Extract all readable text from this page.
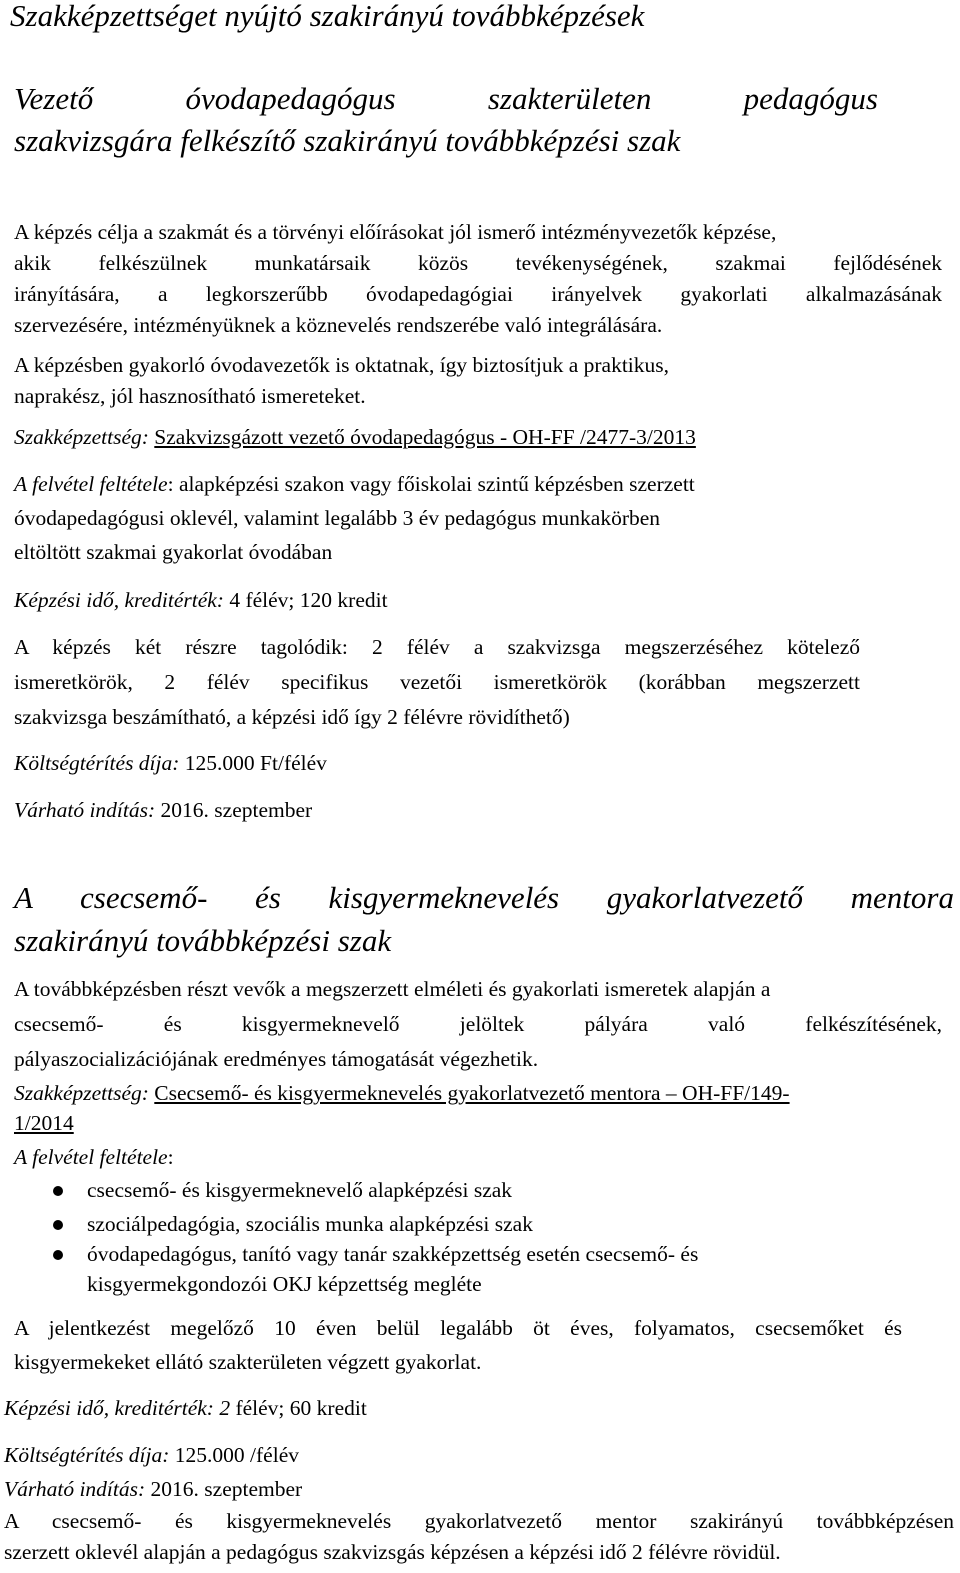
Szakképzettséget nyújtó szakirányú továbbképzések
Vezető	óvodapedagógus	szakterületen	pedagógus
szakvizsgára felkészítő szakirányú továbbképzési szak
A képzés célja a szakmát és a törvényi előírásokat jól ismerő intézményvezetők képzése,
akik felkészülnek munkatársaik közös tevékenységének, szakmai fejlődésének
irányítására, a legkorszerűbb óvodapedagógiai irányelvek gyakorlati alkalmazásának
szervezésére, intézményüknek a köznevelés rendszerébe való integrálására.
A képzésben gyakorló óvodavezetők is oktatnak, így biztosítjuk a praktikus,
naprakész, jól hasznosítható ismereteket.
Szakképzettség: Szakvizsgázott vezető óvodapedagógus - OH-FF /2477-3/2013
A felvétel feltétele: alapképzési szakon vagy főiskolai szintű képzésben szerzett
óvodapedagógusi oklevél, valamint legalább 3 év pedagógus munkakörben
eltöltött szakmai gyakorlat óvodában
Képzési idő, kreditérték: 4 félév; 120 kredit
A képzés két részre tagolódik: 2 félév a szakvizsga megszerzéséhez kötelező
ismeretkörök, 2 félév specifikus vezetői ismeretkörök (korábban megszerzett
szakvizsga beszámítható, a képzési idő így 2 félévre rövidíthető)
Költségtérítés díja: 125.000 Ft/félév
Várható indítás: 2016. szeptember
A csecsemő- és kisgyermeknevelés gyakorlatvezető mentora
szakirányú továbbképzési szak
A továbbképzésben részt vevők a megszerzett elméleti és gyakorlati ismeretek alapján a
csecsemő- és kisgyermeknevelő jelöltek pályára való felkészítésének,
pályaszocializációjának eredményes támogatását végezhetik.
Szakképzettség: Csecsemő- és kisgyermeknevelés gyakorlatvezető mentora – OH-FF/149-
1/2014
A felvétel feltétele:
csecsemő- és kisgyermeknevelő alapképzési szak
szociálpedagógia, szociális munka alapképzési szak
óvodapedagógus, tanító vagy tanár szakképzettség esetén csecsemő- és
kisgyermekgondozói OKJ képzettség megléte
A jelentkezést megelőző 10 éven belül legalább öt éves, folyamatos, csecsemőket és
kisgyermekeket ellátó szakterületen végzett gyakorlat.
Képzési idő, kreditérték: 2 félév; 60 kredit
Költségtérítés díja: 125.000 /félév
Várható indítás: 2016. szeptember
A csecsemő- és kisgyermeknevelés gyakorlatvezető mentor szakirányú továbbképzésen
szerzett oklevél alapján a pedagógus szakvizsgás képzésen a képzési idő 2 félévre rövidül.
